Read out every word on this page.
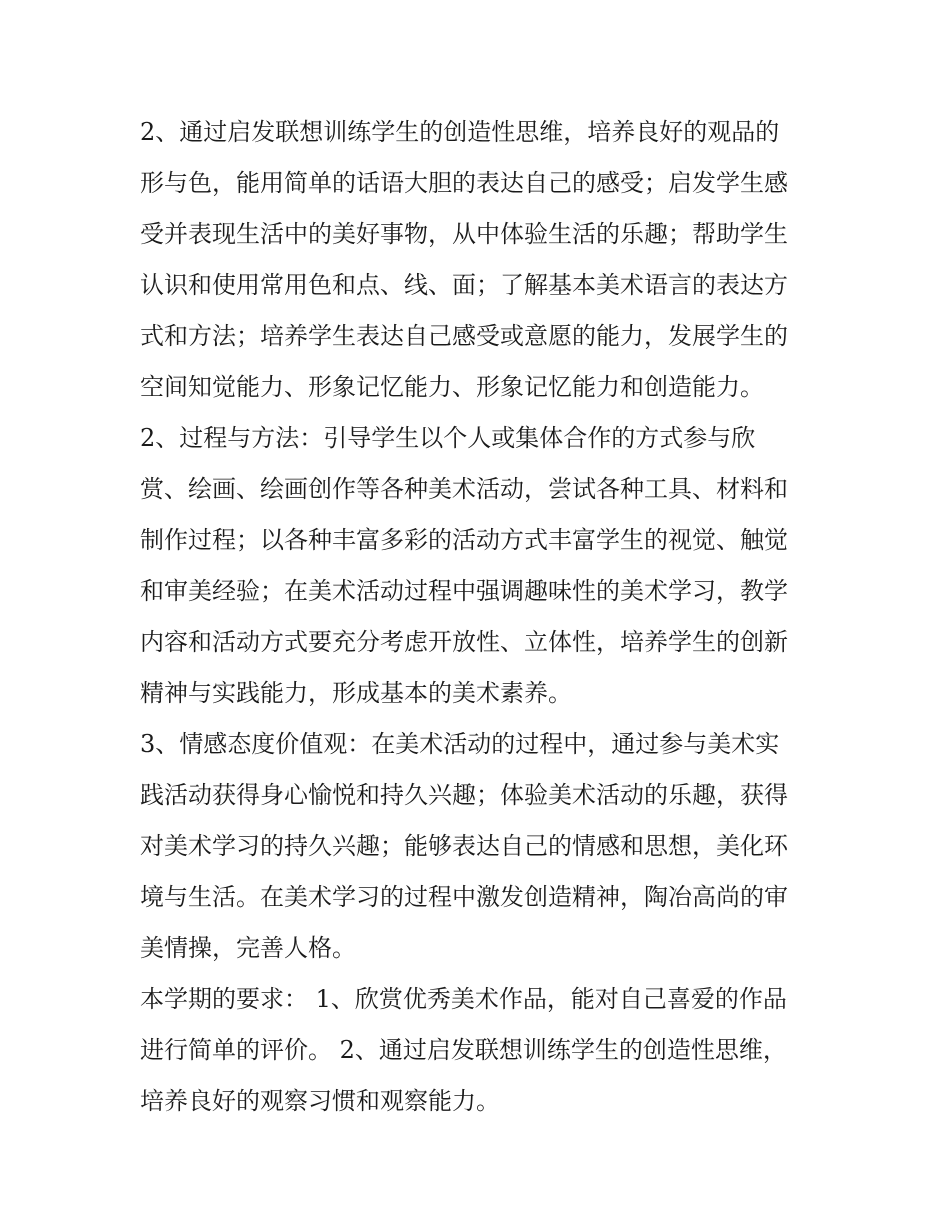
2、通过启发联想训练学生的创造性思维，培养良好的观品的
形与色，能用简单的话语大胆的表达自己的感受；启发学生感
受并表现生活中的美好事物，从中体验生活的乐趣；帮助学生
认识和使用常用色和点、线、面；了解基本美术语言的表达方
式和方法；培养学生表达自己感受或意愿的能力，发展学生的
空间知觉能力、形象记忆能力、形象记忆能力和创造能力。
2、过程与方法：引导学生以个人或集体合作的方式参与欣
赏、绘画、绘画创作等各种美术活动，尝试各种工具、材料和
制作过程；以各种丰富多彩的活动方式丰富学生的视觉、触觉
和审美经验；在美术活动过程中强调趣味性的美术学习，教学
内容和活动方式要充分考虑开放性、立体性，培养学生的创新
精神与实践能力，形成基本的美术素养。
3、情感态度价值观：在美术活动的过程中，通过参与美术实
践活动获得身心愉悦和持久兴趣；体验美术活动的乐趣，获得
对美术学习的持久兴趣；能够表达自己的情感和思想，美化环
境与生活。在美术学习的过程中激发创造精神，陶冶高尚的审
美情操，完善人格。
本学期的要求： 1、欣赏优秀美术作品，能对自己喜爱的作品
进行简单的评价。 2、通过启发联想训练学生的创造性思维，
培养良好的观察习惯和观察能力。
